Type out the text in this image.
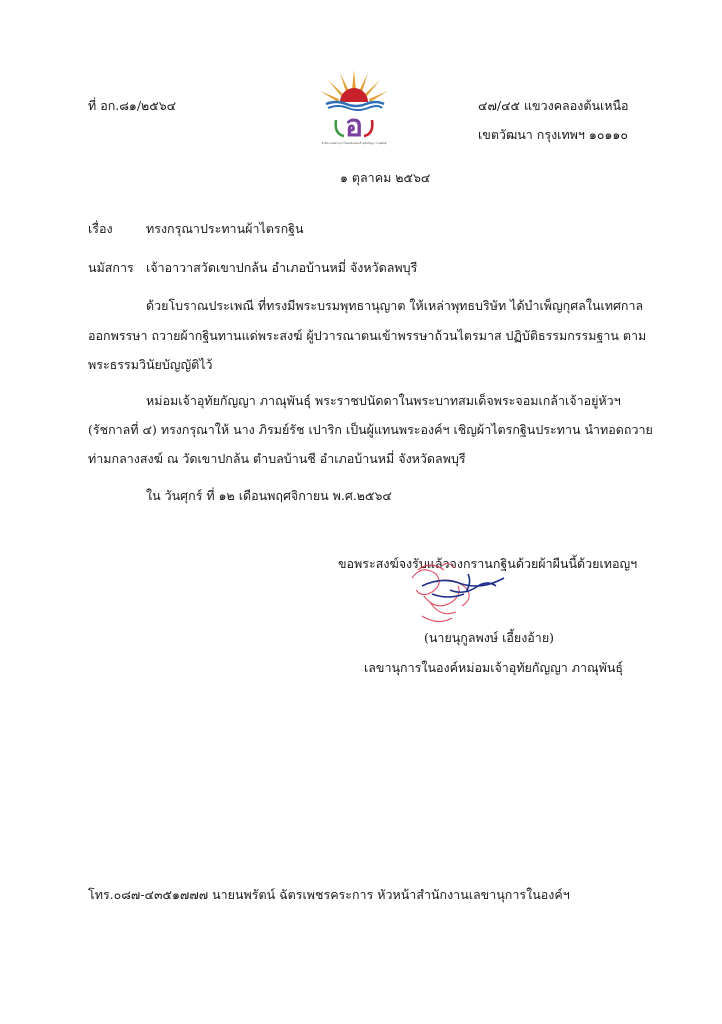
อ
สำนักงานเลขานุการในองค์หม่อมเจ้าอุทัยกัญญา ภาณุพันธุ์
ที่ อก.๘๑/๒๕๖๔	๔๗/๔๕ แขวงคลองต้นเหนือ
เขตวัฒนา กรุงเทพฯ ๑๐๑๑๐
๑ ตุลาคม ๒๕๖๔
เรื่อง	ทรงกรุณาประทานผ้าไตรกฐิน
นมัสการ เจ้าอาวาสวัดเขาปกล้น อำเภอบ้านหมี่ จังหวัดลพบุรี
ด้วยโบราณประเพณี ที่ทรงมีพระบรมพุทธานุญาต ให้เหล่าพุทธบริษัท ได้บำเพ็ญกุศลในเทศกาล
ออกพรรษา ถวายผ้ากฐินทานแด่พระสงฆ์ ผู้ปวารณาตนเข้าพรรษาถ้วนไตรมาส ปฏิบัติธรรมกรรมฐาน ตาม
พระธรรมวินัยบัญญัติไว้
หม่อมเจ้าอุทัยกัญญา ภาณุพันธุ์ พระราชปนัดดาในพระบาทสมเด็จพระจอมเกล้าเจ้าอยู่หัวฯ
(รัชกาลที่ ๔) ทรงกรุณาให้ นาง ภิรมย์รัช เปาริก เป็นผู้แทนพระองค์ฯ เชิญผ้าไตรกฐินประทาน นำทอดถวาย
ท่ามกลางสงฆ์ ณ วัดเขาปกล้น ตำบลบ้านชี อำเภอบ้านหมี่ จังหวัดลพบุรี
ใน วันศุกร์ ที่ ๑๒ เดือนพฤศจิกายน พ.ศ.๒๕๖๔
ขอพระสงฆ์จงรับแล้วจงกรานกฐินด้วยผ้าผืนนี้ด้วยเทอญฯ
(นายนุกูลพงษ์ เอี้ยงอ้าย)
เลขานุการในองค์หม่อมเจ้าอุทัยกัญญา ภาณุพันธุ์
โทร.๐๘๗-๔๓๕๑๗๗๗ นายนพรัตน์ ฉัตรเพชรคระการ หัวหน้าสำนักงานเลขานุการในองค์ฯ
